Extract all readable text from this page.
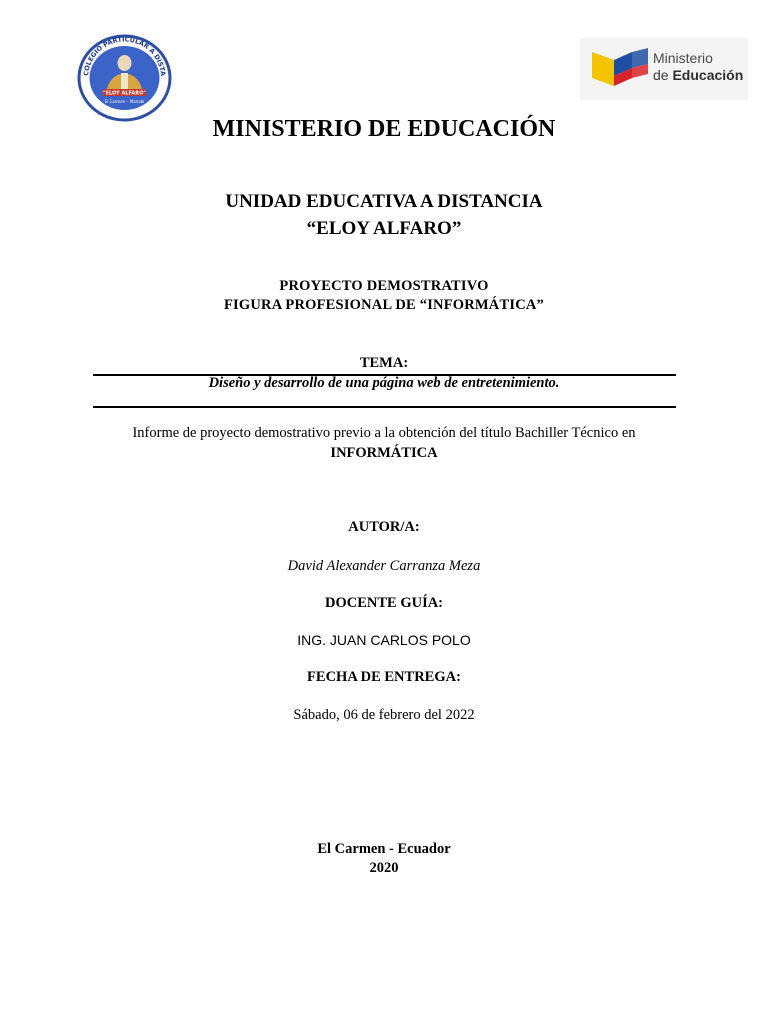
COLEGIO PARTICULAR A DISTA
"ELOY ALFARO"
El Carmen – Manabí
Ministerio
de Educación
MINISTERIO DE EDUCACIÓN
UNIDAD EDUCATIVA A DISTANCIA
“ELOY ALFARO”
PROYECTO DEMOSTRATIVO
FIGURA PROFESIONAL DE “INFORMÁTICA”
TEMA:
Diseño y desarrollo de una página web de entretenimiento.
Informe de proyecto demostrativo previo a la obtención del título Bachiller Técnico en
INFORMÁTICA
AUTOR/A:
David Alexander Carranza Meza
DOCENTE GUÍA:
ING. JUAN CARLOS POLO
FECHA DE ENTREGA:
Sábado, 06 de febrero del 2022
El Carmen - Ecuador
2020
